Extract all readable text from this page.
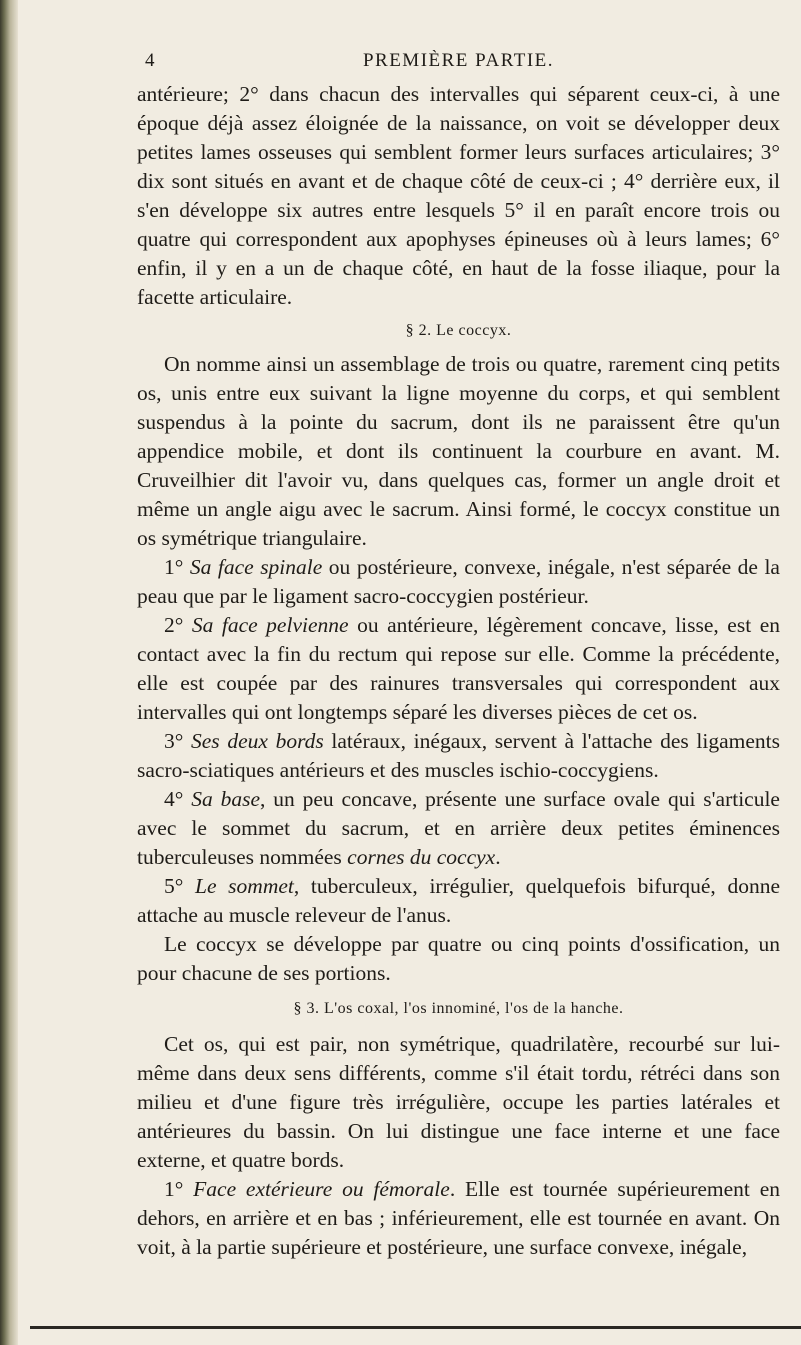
4	PREMIÈRE PARTIE.

antérieure; 2° dans chacun des intervalles qui séparent ceux-ci, à une époque déjà assez éloignée de la naissance, on voit se développer deux petites lames osseuses qui semblent former leurs surfaces articulaires; 3° dix sont situés en avant et de chaque côté de ceux-ci ; 4° derrière eux, il s'en développe six autres entre lesquels 5° il en paraît encore trois ou quatre qui correspondent aux apophyses épineuses où à leurs lames; 6° enfin, il y en a un de chaque côté, en haut de la fosse iliaque, pour la facette articulaire.

§ 2. Le coccyx.

On nomme ainsi un assemblage de trois ou quatre, rarement cinq petits os, unis entre eux suivant la ligne moyenne du corps, et qui semblent suspendus à la pointe du sacrum, dont ils ne paraissent être qu'un appendice mobile, et dont ils continuent la courbure en avant. M. Cruveilhier dit l'avoir vu, dans quelques cas, former un angle droit et même un angle aigu avec le sacrum. Ainsi formé, le coccyx constitue un os symétrique triangulaire.

1° Sa face spinale ou postérieure, convexe, inégale, n'est séparée de la peau que par le ligament sacro-coccygien postérieur.

2° Sa face pelvienne ou antérieure, légèrement concave, lisse, est en contact avec la fin du rectum qui repose sur elle. Comme la précédente, elle est coupée par des rainures transversales qui correspondent aux intervalles qui ont longtemps séparé les diverses pièces de cet os.

3° Ses deux bords latéraux, inégaux, servent à l'attache des ligaments sacro-sciatiques antérieurs et des muscles ischio-coccygiens.

4° Sa base, un peu concave, présente une surface ovale qui s'articule avec le sommet du sacrum, et en arrière deux petites éminences tuberculeuses nommées cornes du coccyx.

5° Le sommet, tuberculeux, irrégulier, quelquefois bifurqué, donne attache au muscle releveur de l'anus.

Le coccyx se développe par quatre ou cinq points d'ossification, un pour chacune de ses portions.

§ 3. L'os coxal, l'os innominé, l'os de la hanche.

Cet os, qui est pair, non symétrique, quadrilatère, recourbé sur lui-même dans deux sens différents, comme s'il était tordu, rétréci dans son milieu et d'une figure très irrégulière, occupe les parties latérales et antérieures du bassin. On lui distingue une face interne et une face externe, et quatre bords.

1° Face extérieure ou fémorale. Elle est tournée supérieurement en dehors, en arrière et en bas ; inférieurement, elle est tournée en avant. On voit, à la partie supérieure et postérieure, une surface convexe, inégale,
